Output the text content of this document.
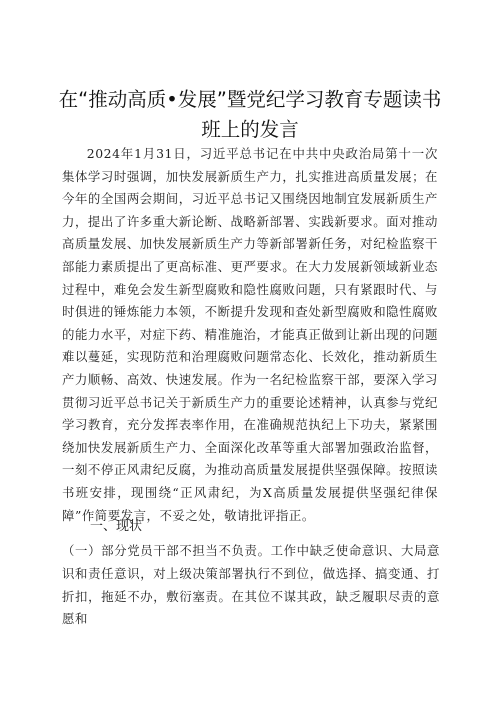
在“推动高质•发展”暨党纪学习教育专题读书
班上的发言

2024年1月31日，习近平总书记在中共中央政治局第十一次集体学习时强调，加快发展新质生产力，扎实推进高质量发展；在今年的全国两会期间，习近平总书记又围绕因地制宜发展新质生产力，提出了许多重大新论断、战略新部署、实践新要求。面对推动高质量发展、加快发展新质生产力等新部署新任务，对纪检监察干部能力素质提出了更高标准、更严要求。在大力发展新领域新业态过程中，难免会发生新型腐败和隐性腐败问题，只有紧跟时代、与时俱进的锤炼能力本领，不断提升发现和查处新型腐败和隐性腐败的能力水平，对症下药、精准施治，才能真正做到让新出现的问题难以蔓延，实现防范和治理腐败问题常态化、长效化，推动新质生产力顺畅、高效、快速发展。作为一名纪检监察干部，要深入学习贯彻习近平总书记关于新质生产力的重要论述精神，认真参与党纪学习教育，充分发挥表率作用，在准确规范执纪上下功夫，紧紧围绕加快发展新质生产力、全面深化改革等重大部署加强政治监督，一刻不停正风肃纪反腐，为推动高质量发展提供坚强保障。按照读书班安排，现围绕“正风肃纪，为X高质量发展提供坚强纪律保障”作简要发言，不妥之处，敬请批评指正。

一、现状

（一）部分党员干部不担当不负责。工作中缺乏使命意识、大局意识和责任意识，对上级决策部署执行不到位，做选择、搞变通、打折扣，拖延不办，敷衍塞责。在其位不谋其政，缺乏履职尽责的意愿和
